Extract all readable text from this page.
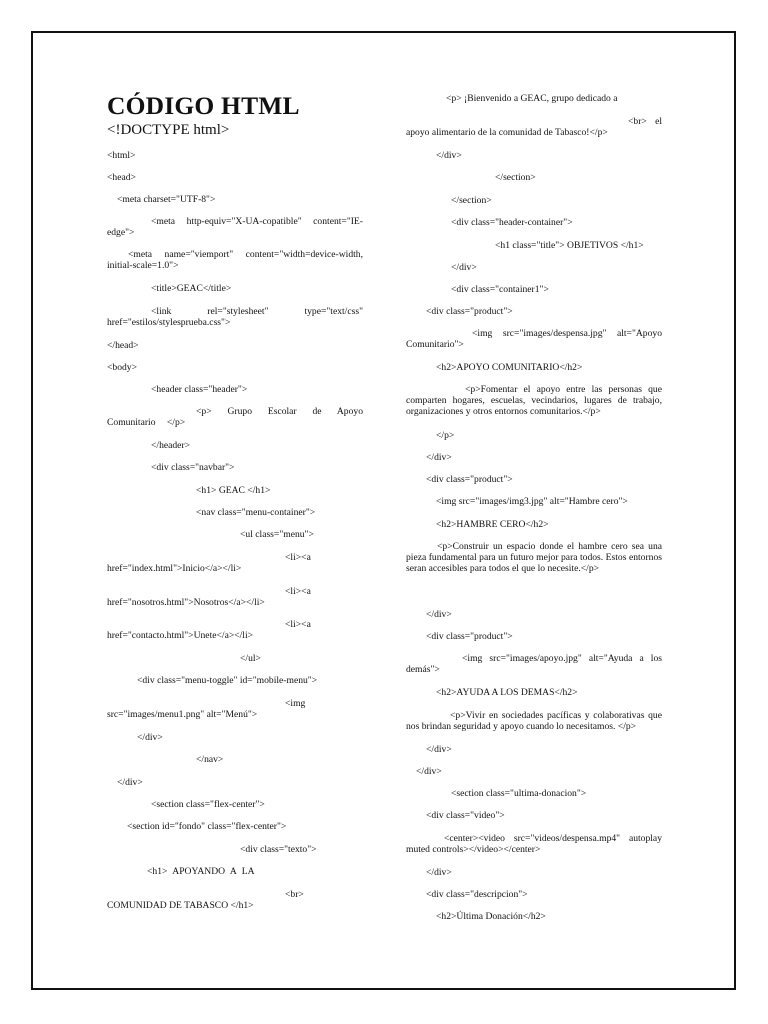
CÓDIGO HTML
<!DOCTYPE html>
<html>
<head>
<meta charset="UTF-8">
<meta http-equiv="X-UA-copatible" content="IE-edge">
<meta name="viemport" content="width=device-width, initial-scale=1.0">
<title>GEAC</title>
<link rel="stylesheet" type="text/css" href="estilos/stylesprueba.css">
</head>
<body>
<header class="header">
<p> Grupo Escolar de Apoyo Comunitario </p>
</header>
<div class="navbar">
<h1> GEAC </h1>
<nav class="menu-container">
<ul class="menu">
<li><a href="index.html">Inicio</a></li>
<li><a href="nosotros.html">Nosotros</a></li>
<li><a href="contacto.html">Unete</a></li>
</ul>
<div class="menu-toggle" id="mobile-menu">
<img src="images/menu1.png" alt="Menú">
</div>
</nav>
</div>
<section class="flex-center">
<section id="fondo" class="flex-center">
<div class="texto">
<h1> APOYANDO A LA
<br> COMUNIDAD DE TABASCO </h1>
<p> ¡Bienvenido a GEAC, grupo dedicado a
<br> el apoyo alimentario de la comunidad de Tabasco!</p>
</div>
</section>
</section>
<div class="header-container">
<h1 class="title"> OBJETIVOS </h1>
</div>
<div class="container1">
<div class="product">
<img src="images/despensa.jpg" alt="Apoyo Comunitario">
<h2>APOYO COMUNITARIO</h2>
<p>Fomentar el apoyo entre las personas que comparten hogares, escuelas, vecindarios, lugares de trabajo, organizaciones y otros entornos comunitarios.</p>
</p>
</div>
<div class="product">
<img src="images/img3.jpg" alt="Hambre cero">
<h2>HAMBRE CERO</h2>
<p>Construir un espacio donde el hambre cero sea una pieza fundamental para un futuro mejor para todos. Estos entornos seran accesibles para todos el que lo necesite.</p>
</div>
<div class="product">
<img src="images/apoyo.jpg" alt="Ayuda a los demás">
<h2>AYUDA A LOS DEMAS</h2>
<p>Vivir en sociedades pacíficas y colaborativas que nos brindan seguridad y apoyo cuando lo necesitamos. </p>
</div>
</div>
<section class="ultima-donacion">
<div class="video">
<center><video src="videos/despensa.mp4" autoplay muted controls></video></center>
</div>
<div class="descripcion">
<h2>Última Donación</h2>
